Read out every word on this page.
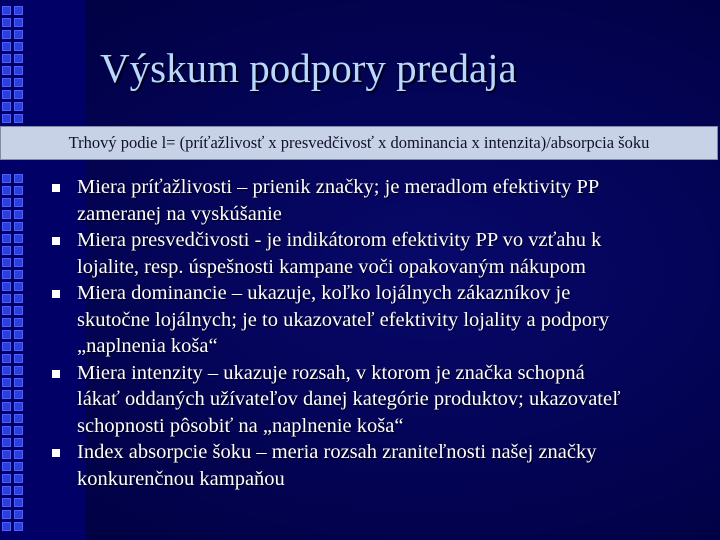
Výskum podpory predaja
Trhový podie l= (príťažlivosť x presvedčivosť x dominancia x intenzita)/absorpcia šoku
Miera príťažlivosti – prienik značky; je meradlom efektivity PP
zameranej na vyskúšanie
Miera presvedčivosti - je indikátorom efektivity PP vo vzťahu k
lojalite, resp. úspešnosti kampane voči opakovaným nákupom
Miera dominancie – ukazuje, koľko lojálnych zákazníkov je
skutočne lojálnych; je to ukazovateľ efektivity lojality a podpory
„naplnenia koša“
Miera intenzity – ukazuje rozsah, v ktorom je značka schopná
lákať oddaných užívateľov danej kategórie produktov; ukazovateľ
schopnosti pôsobiť na „naplnenie koša“
Index absorpcie šoku – meria rozsah zraniteľnosti našej značky
konkurenčnou kampaňou
